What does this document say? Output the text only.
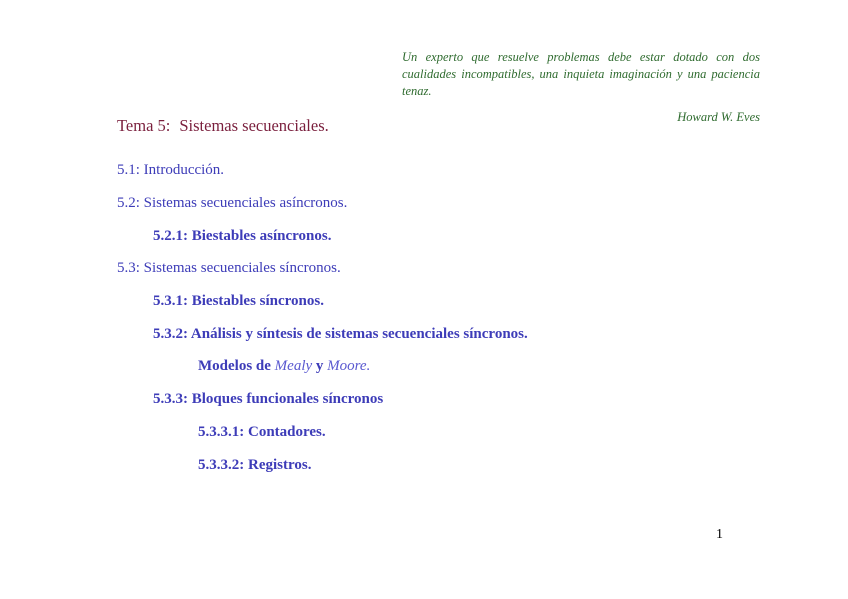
Un experto que resuelve problemas debe estar dotado con dos cualidades incompatibles, una inquieta imaginación y una paciencia tenaz.
Howard W. Eves
Tema 5: Sistemas secuenciales.
5.1: Introducción.
5.2: Sistemas secuenciales asíncronos.
5.2.1: Biestables asíncronos.
5.3: Sistemas secuenciales síncronos.
5.3.1: Biestables síncronos.
5.3.2: Análisis y síntesis de sistemas secuenciales síncronos.
Modelos de Mealy y Moore.
5.3.3: Bloques funcionales síncronos
5.3.3.1: Contadores.
5.3.3.2: Registros.
1
